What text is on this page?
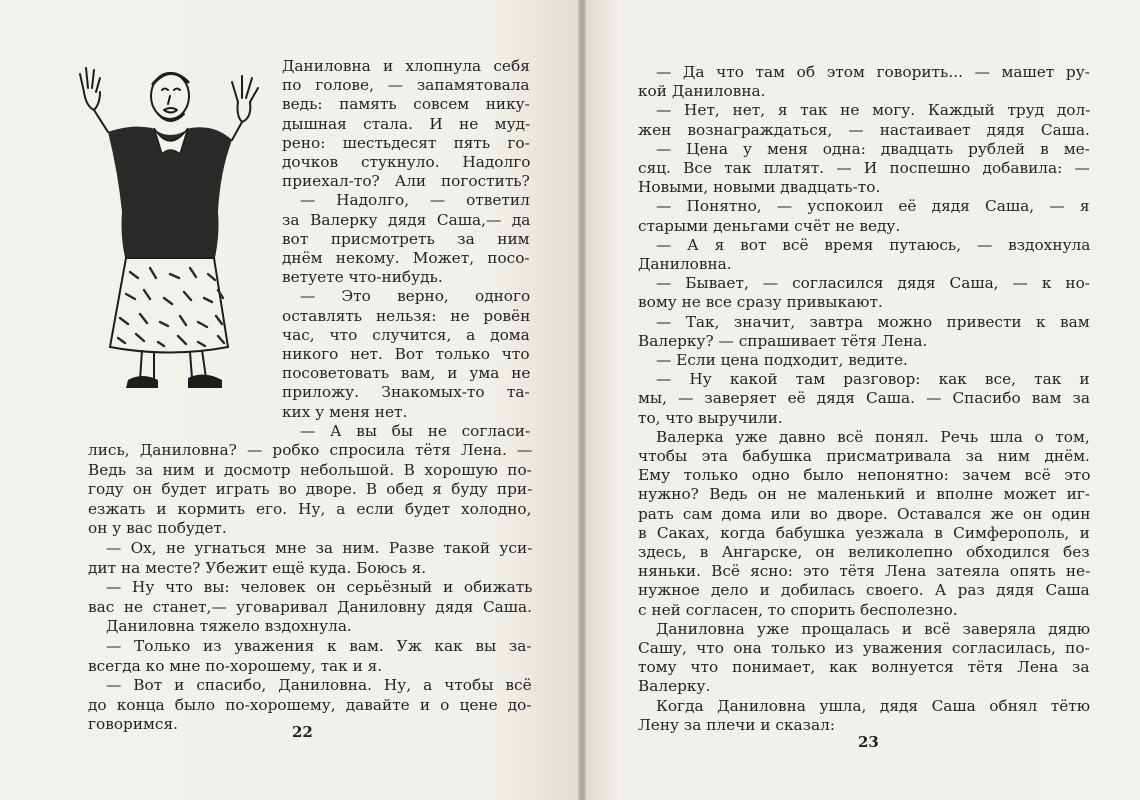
Даниловна и хлопнула себя
по голове, — запамятовала
ведь: память совсем нику-
дышная стала. И не муд-
рено: шестьдесят пять го-
дочков стукнуло. Надолго
приехал-то? Али погостить?
— Надолго, — ответил
за Валерку дядя Саша,— да
вот присмотреть за ним
днём некому. Может, посо-
ветуете что-нибудь.
— Это верно, одного
оставлять нельзя: не ровён
час, что случится, а дома
никого нет. Вот только что
посоветовать вам, и ума не
приложу. Знакомых-то та-
ких у меня нет.
— А вы бы не согласи-
лись, Даниловна? — робко спросила тётя Лена. —
Ведь за ним и досмотр небольшой. В хорошую по-
году он будет играть во дворе. В обед я буду при-
езжать и кормить его. Ну, а если будет холодно,
он у вас побудет.
— Ох, не угнаться мне за ним. Разве такой уси-
дит на месте? Убежит ещё куда. Боюсь я.
— Ну что вы: человек он серьёзный и обижать
вас не станет,— уговаривал Даниловну дядя Саша.
Даниловна тяжело вздохнула.
— Только из уважения к вам. Уж как вы за-
всегда ко мне по-хорошему, так и я.
— Вот и спасибо, Даниловна. Ну, а чтобы всё
до конца было по-хорошему, давайте и о цене до-
говоримся.	22
— Да что там об этом говорить... — машет ру-
кой Даниловна.
— Нет, нет, я так не могу. Каждый труд дол-
жен вознаграждаться, — настаивает дядя Саша.
— Цена у меня одна: двадцать рублей в ме-
сяц. Все так платят. — И поспешно добавила: —
Новыми, новыми двадцать-то.
— Понятно, — успокоил её дядя Саша, — я
старыми деньгами счёт не веду.
— А я вот всё время путаюсь, — вздохнула
Даниловна.
— Бывает, — согласился дядя Саша, — к но-
вому не все сразу привыкают.
— Так, значит, завтра можно привести к вам
Валерку? — спрашивает тётя Лена.
— Если цена подходит, ведите.
— Ну какой там разговор: как все, так и
мы, — заверяет её дядя Саша. — Спасибо вам за
то, что выручили.
Валерка уже давно всё понял. Речь шла о том,
чтобы эта бабушка присматривала за ним днём.
Ему только одно было непонятно: зачем всё это
нужно? Ведь он не маленький и вполне может иг-
рать сам дома или во дворе. Оставался же он один
в Саках, когда бабушка уезжала в Симферополь, и
здесь, в Ангарске, он великолепно обходился без
няньки. Всё ясно: это тётя Лена затеяла опять не-
нужное дело и добилась своего. А раз дядя Саша
с ней согласен, то спорить бесполезно.
Даниловна уже прощалась и всё заверяла дядю
Сашу, что она только из уважения согласилась, по-
тому что понимает, как волнуется тётя Лена за
Валерку.
Когда Даниловна ушла, дядя Саша обнял тётю
Лену за плечи и сказал:
23
